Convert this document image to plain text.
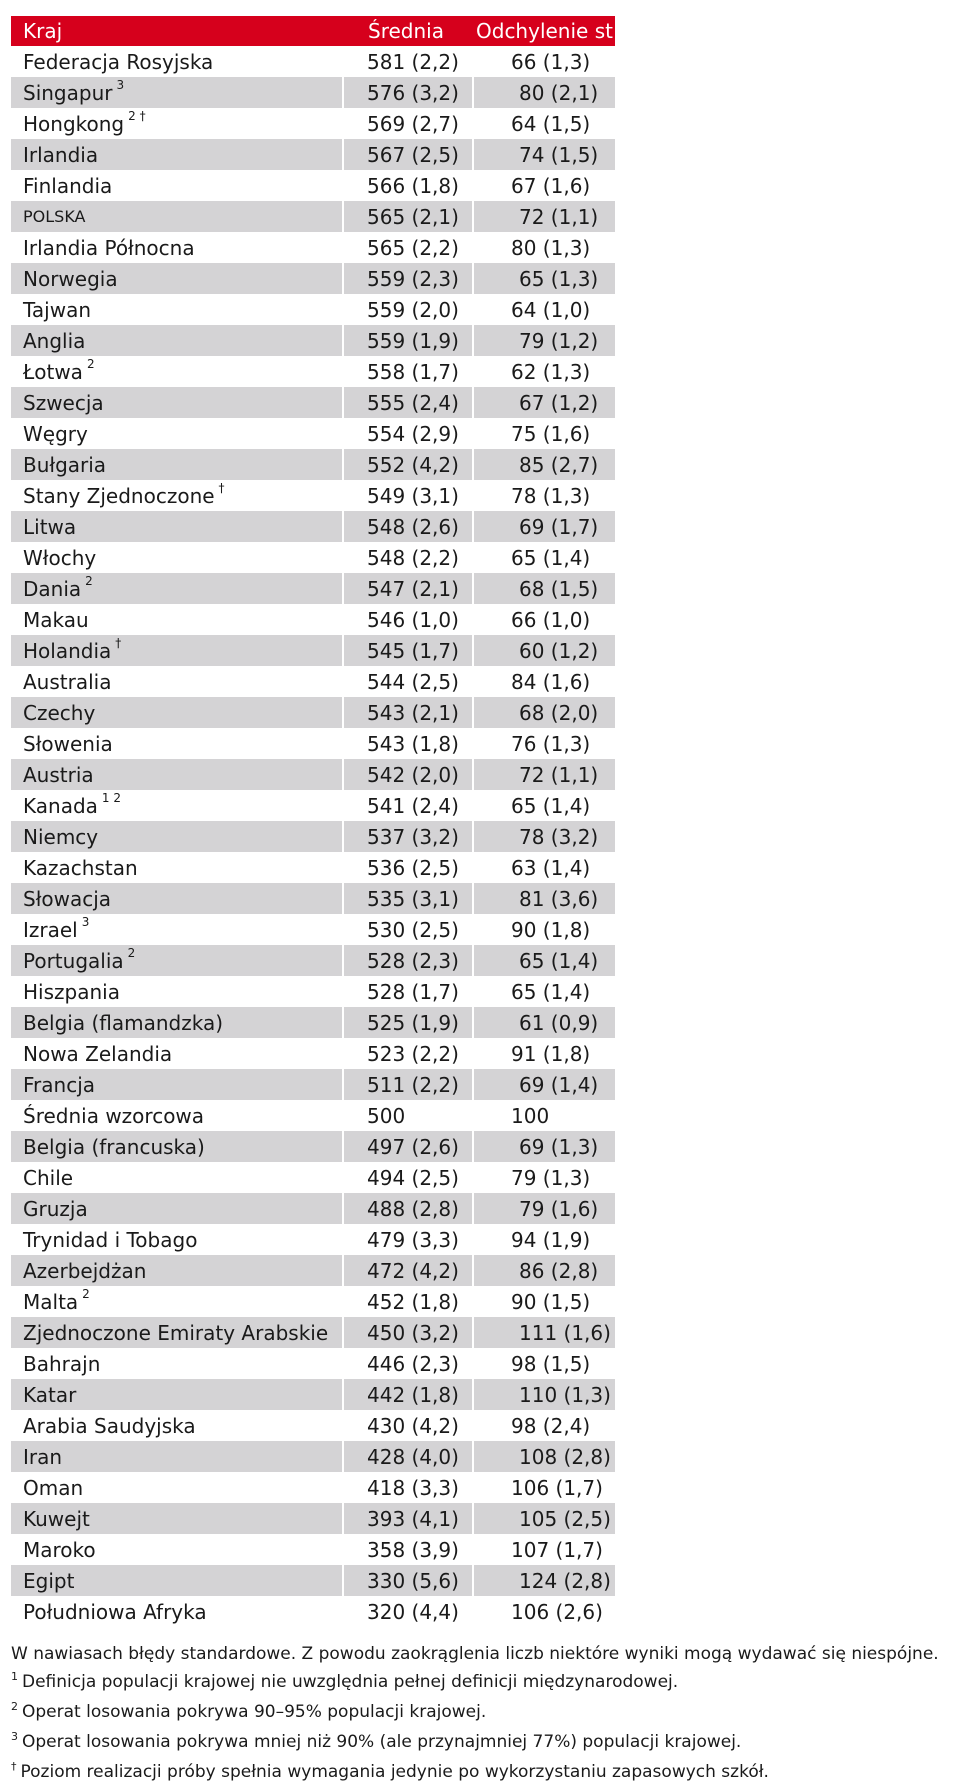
Kraj	Średnia	Odchylenie st.
Federacja Rosyjska	581 (2,2)	66 (1,3)
Singapur 3	576 (3,2)	80 (2,1)
Hongkong 2 †	569 (2,7)	64 (1,5)
Irlandia	567 (2,5)	74 (1,5)
Finlandia	566 (1,8)	67 (1,6)
POLSKA	565 (2,1)	72 (1,1)
Irlandia Północna	565 (2,2)	80 (1,3)
Norwegia	559 (2,3)	65 (1,3)
Tajwan	559 (2,0)	64 (1,0)
Anglia	559 (1,9)	79 (1,2)
Łotwa 2	558 (1,7)	62 (1,3)
Szwecja	555 (2,4)	67 (1,2)
Węgry	554 (2,9)	75 (1,6)
Bułgaria	552 (4,2)	85 (2,7)
Stany Zjednoczone †	549 (3,1)	78 (1,3)
Litwa	548 (2,6)	69 (1,7)
Włochy	548 (2,2)	65 (1,4)
Dania 2	547 (2,1)	68 (1,5)
Makau	546 (1,0)	66 (1,0)
Holandia †	545 (1,7)	60 (1,2)
Australia	544 (2,5)	84 (1,6)
Czechy	543 (2,1)	68 (2,0)
Słowenia	543 (1,8)	76 (1,3)
Austria	542 (2,0)	72 (1,1)
Kanada 1 2	541 (2,4)	65 (1,4)
Niemcy	537 (3,2)	78 (3,2)
Kazachstan	536 (2,5)	63 (1,4)
Słowacja	535 (3,1)	81 (3,6)
Izrael 3	530 (2,5)	90 (1,8)
Portugalia 2	528 (2,3)	65 (1,4)
Hiszpania	528 (1,7)	65 (1,4)
Belgia (flamandzka)	525 (1,9)	61 (0,9)
Nowa Zelandia	523 (2,2)	91 (1,8)
Francja	511 (2,2)	69 (1,4)
Średnia wzorcowa	500	100
Belgia (francuska)	497 (2,6)	69 (1,3)
Chile	494 (2,5)	79 (1,3)
Gruzja	488 (2,8)	79 (1,6)
Trynidad i Tobago	479 (3,3)	94 (1,9)
Azerbejdżan	472 (4,2)	86 (2,8)
Malta 2	452 (1,8)	90 (1,5)
Zjednoczone Emiraty Arabskie	450 (3,2)	111 (1,6)
Bahrajn	446 (2,3)	98 (1,5)
Katar	442 (1,8)	110 (1,3)
Arabia Saudyjska	430 (4,2)	98 (2,4)
Iran	428 (4,0)	108 (2,8)
Oman	418 (3,3)	106 (1,7)
Kuwejt	393 (4,1)	105 (2,5)
Maroko	358 (3,9)	107 (1,7)
Egipt	330 (5,6)	124 (2,8)
Południowa Afryka	320 (4,4)	106 (2,6)
W nawiasach błędy standardowe. Z powodu zaokrąglenia liczb niektóre wyniki mogą wydawać się niespójne.
$^1$ Definicja populacji krajowej nie uwzględnia pełnej definicji międzynarodowej.
$^2$ Operat losowania pokrywa 90–95% populacji krajowej.
$^3$ Operat losowania pokrywa mniej niż 90% (ale przynajmniej 77%) populacji krajowej.
† Poziom realizacji próby spełnia wymagania jedynie po wykorzystaniu zapasowych szkół.
